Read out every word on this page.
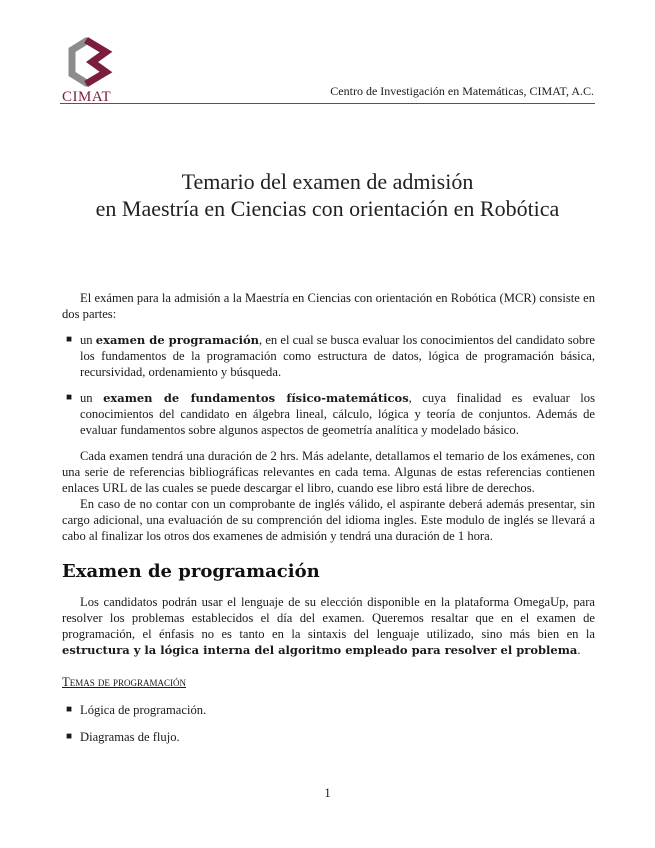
CIMAT	Centro de Investigación en Matemáticas, CIMAT, A.C.
Temario del examen de admisión
en Maestría en Ciencias con orientación en Robótica

El exámen para la admisión a la Maestría en Ciencias con orientación en Robótica (MCR) consiste en dos partes:

■ un examen de programación, en el cual se busca evaluar los conocimientos del candidato sobre los fundamentos de la programación como estructura de datos, lógica de programación básica, recursividad, ordenamiento y búsqueda.
■ un examen de fundamentos físico-matemáticos, cuya finalidad es evaluar los conocimientos del candidato en álgebra lineal, cálculo, lógica y teoría de conjuntos. Además de evaluar fundamentos sobre algunos aspectos de geometría analítica y modelado básico.

Cada examen tendrá una duración de 2 hrs. Más adelante, detallamos el temario de los exámenes, con una serie de referencias bibliográficas relevantes en cada tema. Algunas de estas referencias contienen enlaces URL de las cuales se puede descargar el libro, cuando ese libro está libre de derechos.

En caso de no contar con un comprobante de inglés válido, el aspirante deberá además presentar, sin cargo adicional, una evaluación de su comprención del idioma ingles. Este modulo de inglés se llevará a cabo al finalizar los otros dos examenes de admisión y tendrá una duración de 1 hora.

Examen de programación

Los candidatos podrán usar el lenguaje de su elección disponible en la plataforma OmegaUp, para resolver los problemas establecidos el día del examen. Queremos resaltar que en el examen de programación, el énfasis no es tanto en la sintaxis del lenguaje utilizado, sino más bien en la estructura y la lógica interna del algoritmo empleado para resolver el problema.

Temas de programación
■ Lógica de programación.
■ Diagramas de flujo.
1
